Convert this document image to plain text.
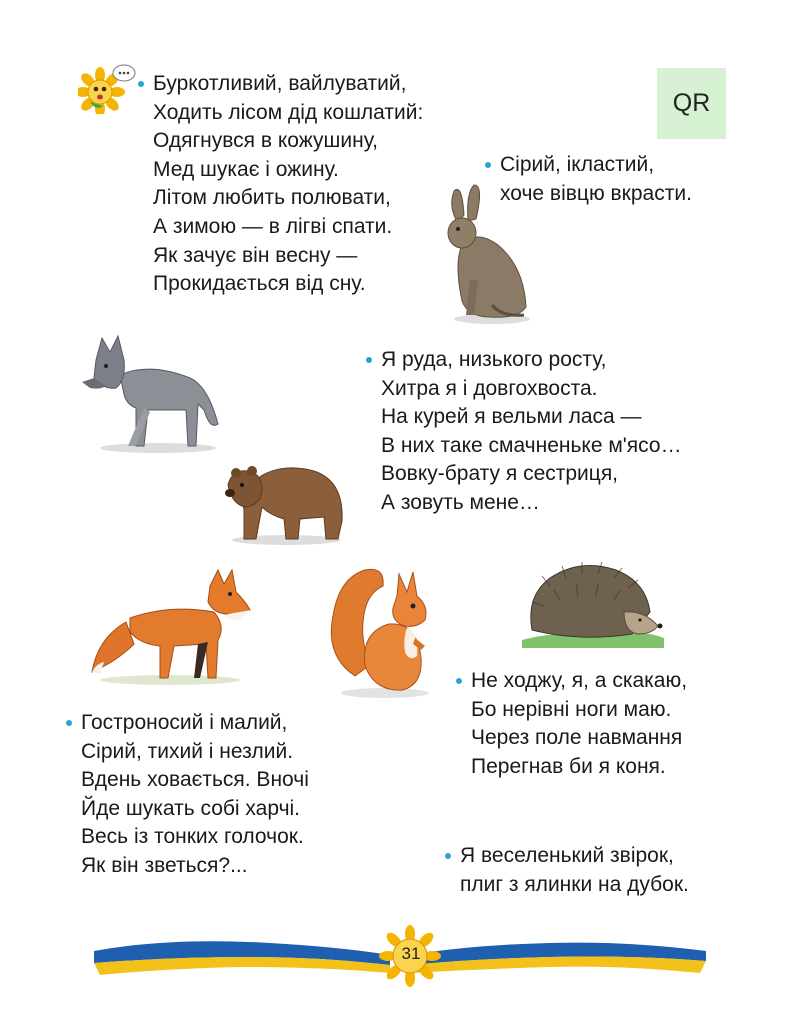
Буркотливий, вайлуватий,
Ходить лісом дід кошлатий:
Одягнувся в кожушину,
Мед шукає і ожину.
Літом любить полювати,
А зимою — в лігві спати.
Як зачує він весну —
Прокидається від сну.
QR
Сірий, ікластий,
хоче вівцю вкрасти.
Я руда, низького росту,
Хитра я і довгохвоста.
На курей я вельми ласа —
В них таке смачненьке м'ясо…
Вовку-брату я сестриця,
А зовуть мене…
Не ходжу, я, а скакаю,
Бо нерівні ноги маю.
Через поле навмання
Перегнав би я коня.
Гостроносий і малий,
Сірий, тихий і незлий.
Вдень ховається. Вночі
Йде шукать собі харчі.
Весь із тонких голочок.
Як він зветься?...	Я веселенький звірок,
плиг з ялинки на дубок.
31
